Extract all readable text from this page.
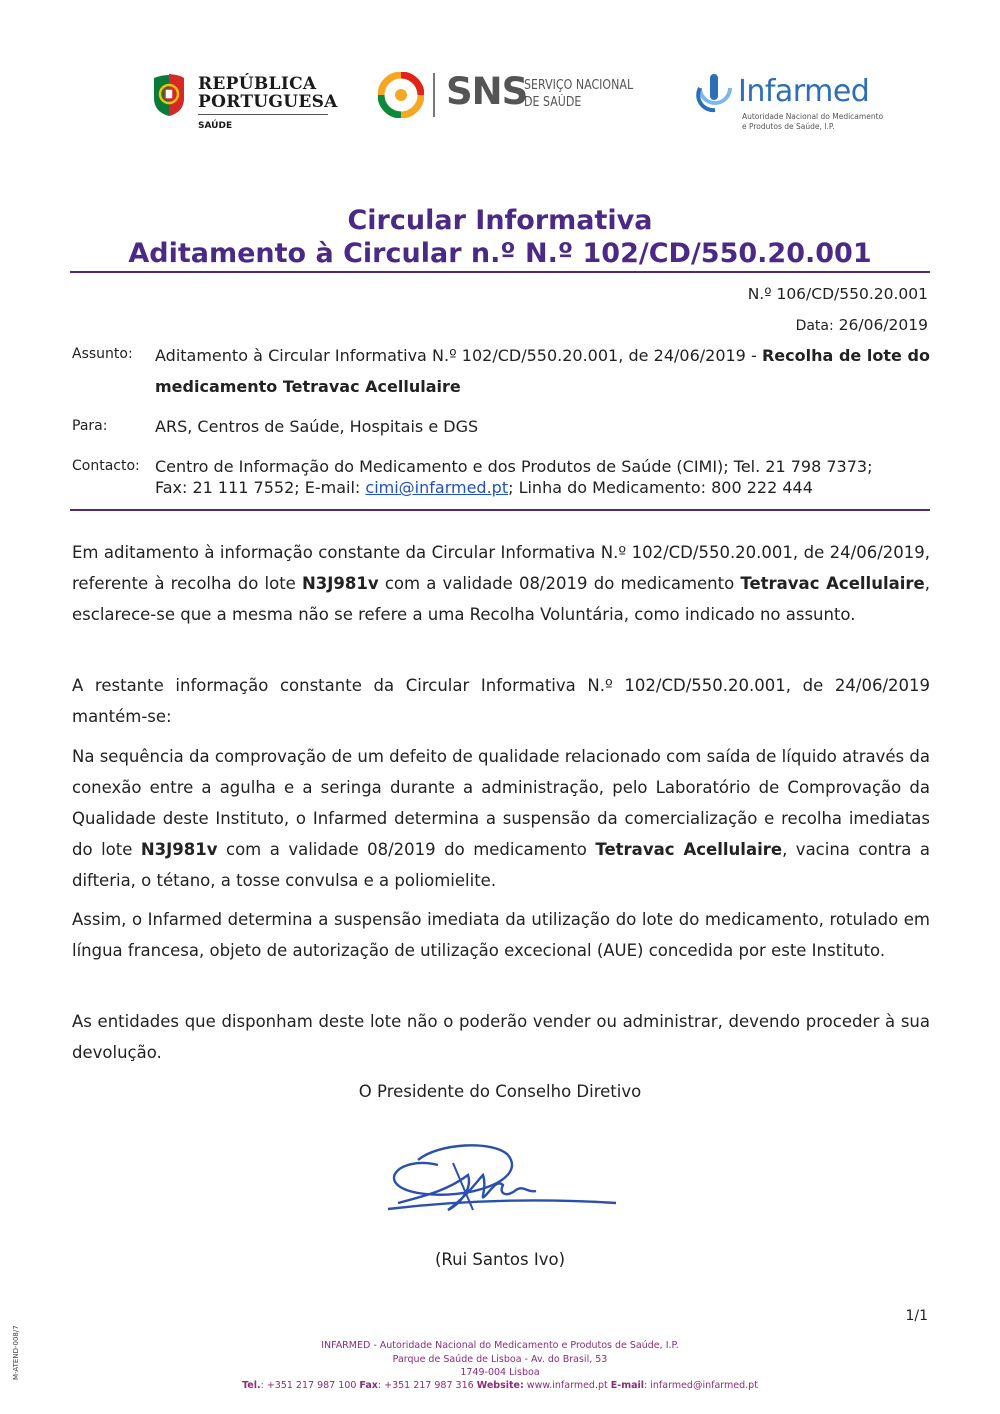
REPÚBLICA
PORTUGUESA
SAÚDE
SNS
SERVIÇO NACIONAL
DE SAÚDE	Infarmed
Autoridade Nacional do Medicamento
e Produtos de Saúde, I.P.
Circular Informativa
Aditamento à Circular n.º N.º 102/CD/550.20.001
N.º 106/CD/550.20.001
Data: 26/06/2019
Assunto: Aditamento à Circular Informativa N.º 102/CD/550.20.001, de 24/06/2019 - Recolha de lote do medicamento Tetravac Acellulaire
Para:	ARS, Centros de Saúde, Hospitais e DGS
Contacto: Centro de Informação do Medicamento e dos Produtos de Saúde (CIMI); Tel. 21 798 7373;
Fax: 21 111 7552; E-mail: cimi@infarmed.pt; Linha do Medicamento: 800 222 444

Em aditamento à informação constante da Circular Informativa N.º 102/CD/550.20.001, de 24/06/2019, referente à recolha do lote N3J981v com a validade 08/2019 do medicamento Tetravac Acellulaire, esclarece-se que a mesma não se refere a uma Recolha Voluntária, como indicado no assunto.

A restante informação constante da Circular Informativa N.º 102/CD/550.20.001, de 24/06/2019 mantém-se:

Na sequência da comprovação de um defeito de qualidade relacionado com saída de líquido através da conexão entre a agulha e a seringa durante a administração, pelo Laboratório de Comprovação da Qualidade deste Instituto, o Infarmed determina a suspensão da comercialização e recolha imediatas do lote N3J981v com a validade 08/2019 do medicamento Tetravac Acellulaire, vacina contra a difteria, o tétano, a tosse convulsa e a poliomielite.

Assim, o Infarmed determina a suspensão imediata da utilização do lote do medicamento, rotulado em língua francesa, objeto de autorização de utilização excecional (AUE) concedida por este Instituto.

As entidades que disponham deste lote não o poderão vender ou administrar, devendo proceder à sua devolução.

O Presidente do Conselho Diretivo
(Rui Santos Ivo)
1/1
M-ATEND-008/7	INFARMED - Autoridade Nacional do Medicamento e Produtos de Saúde, I.P.
Parque de Saúde de Lisboa - Av. do Brasil, 53
1749-004 Lisboa
Tel.: +351 217 987 100 Fax: +351 217 987 316 Website: www.infarmed.pt E-mail: infarmed@infarmed.pt
